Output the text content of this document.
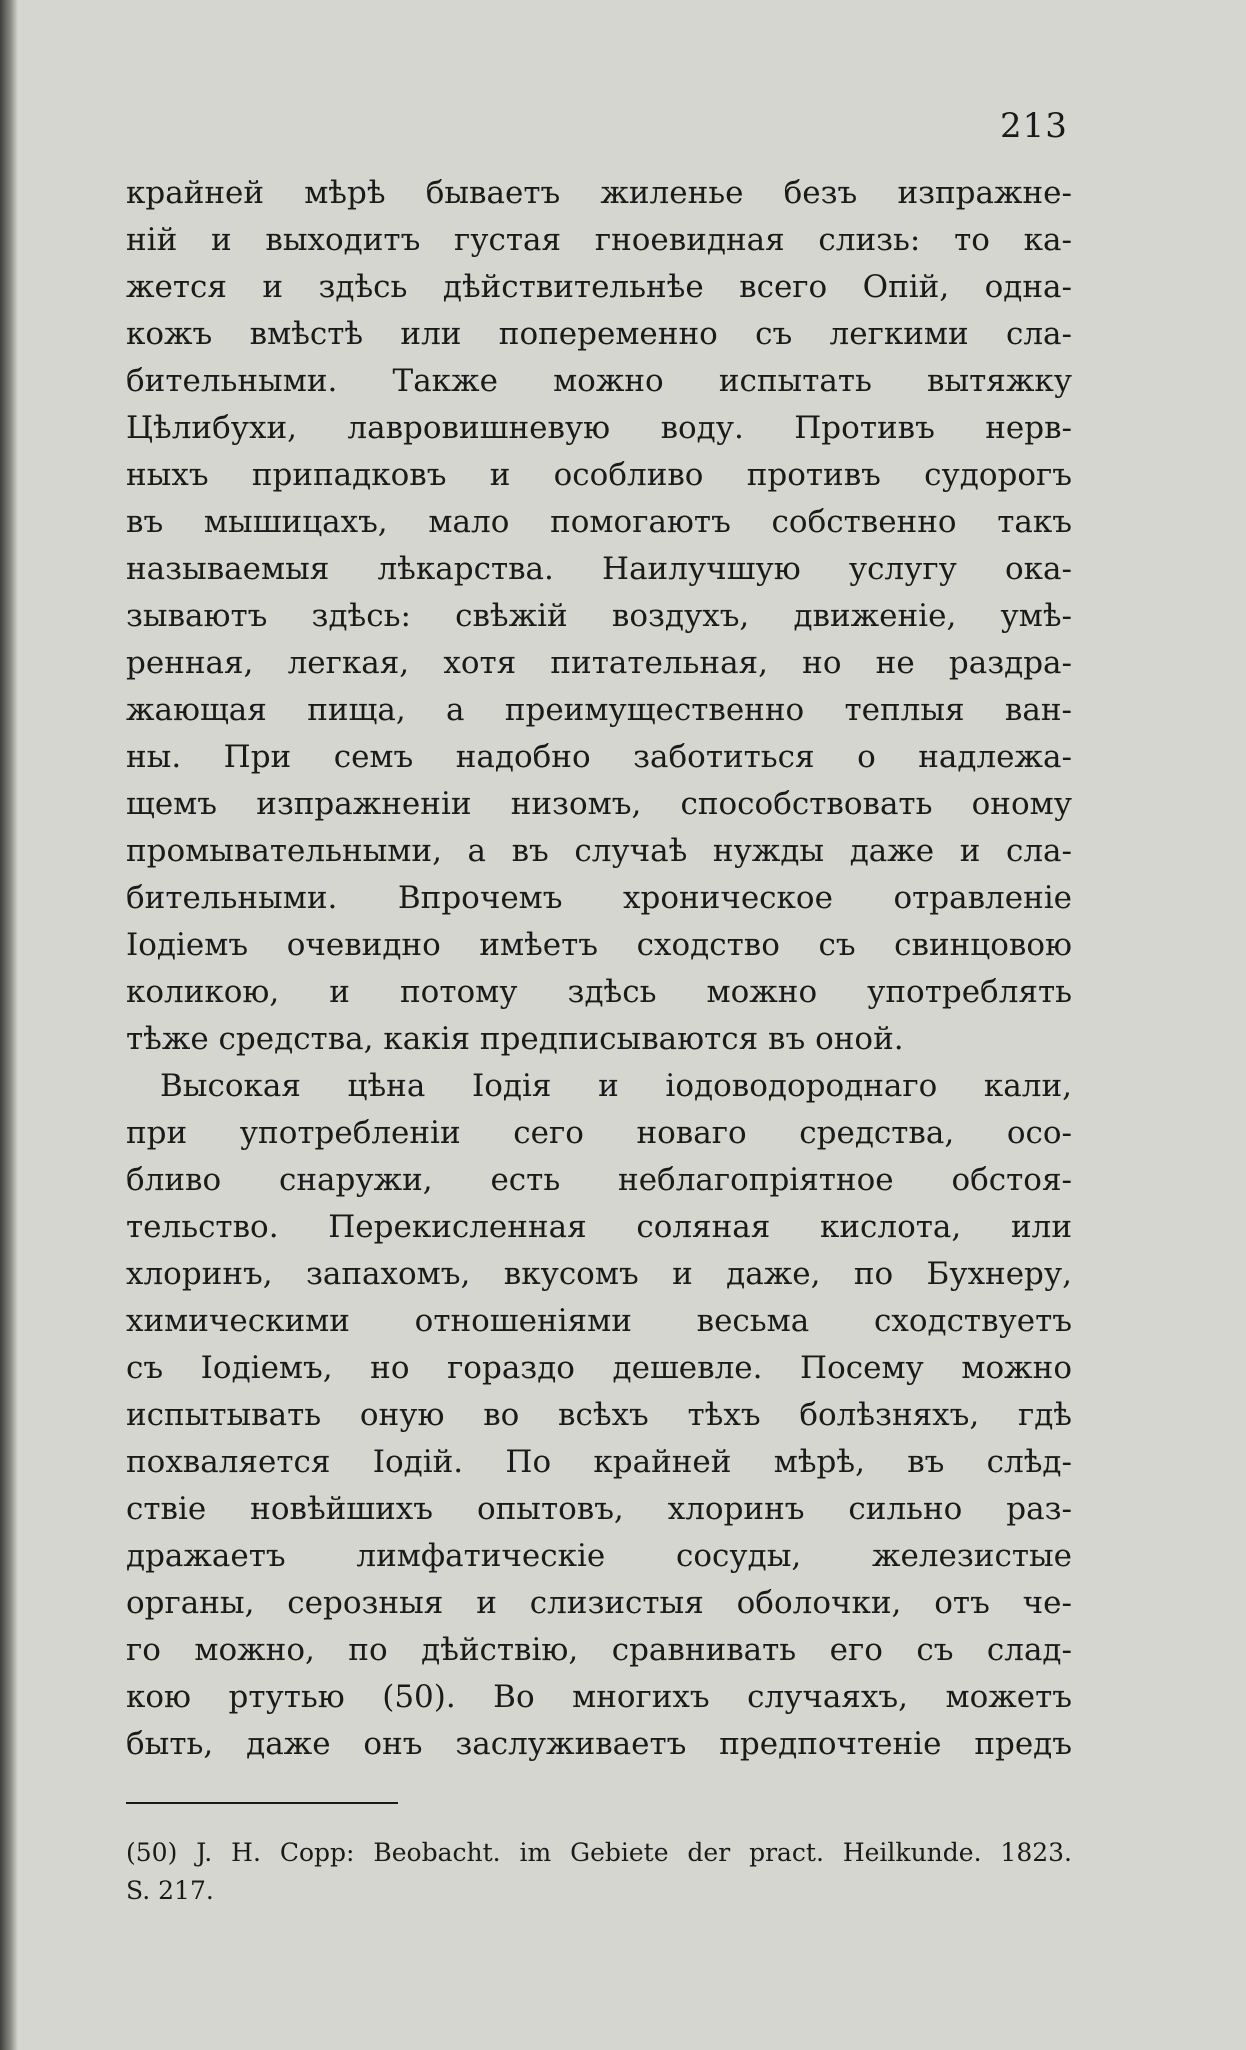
213
крайней мѣрѣ бываетъ жиленье безъ изпражне-
ній и выходитъ густая гноевидная слизь: то ка-
жется и здѣсь дѣйствительнѣе всего Опій, одна-
кожъ вмѣстѣ или попеременно съ легкими сла-
бительными. Также можно испытать вытяжку
Цѣлибухи, лавровишневую воду. Противъ нерв-
ныхъ припадковъ и особливо противъ судорогъ
въ мышицахъ, мало помогаютъ собственно такъ
называемыя лѣкарства. Наилучшую услугу ока-
зываютъ здѣсь: свѣжій воздухъ, движеніе, умѣ-
ренная, легкая, хотя питательная, но не раздра-
жающая пища, а преимущественно теплыя ван-
ны. При семъ надобно заботиться о надлежа-
щемъ изпражненіи низомъ, способствовать оному
промывательными, а въ случаѣ нужды даже и сла-
бительными. Впрочемъ хроническое отравленіе
Іодіемъ очевидно имѣетъ сходство съ свинцовою
коликою, и потому здѣсь можно употреблять
тѣже средства, какія предписываются въ оной.
Высокая цѣна Іодія и іодоводороднаго кали,
при употребленіи сего новаго средства, осо-
бливо снаружи, есть неблагопріятное обстоя-
тельство. Перекисленная соляная кислота, или
хлоринъ, запахомъ, вкусомъ и даже, по Бухнеру,
химическими отношеніями весьма сходствуетъ
съ Іодіемъ, но гораздо дешевле. Посему можно
испытывать оную во всѣхъ тѣхъ болѣзняхъ, гдѣ
похваляется Іодій. По крайней мѣрѣ, въ слѣд-
ствіе новѣйшихъ опытовъ, хлоринъ сильно раз-
дражаетъ лимфатическіе сосуды, железистые
органы, серозныя и слизистыя оболочки, отъ че-
го можно, по дѣйствію, сравнивать его съ слад-
кою ртутью (50). Во многихъ случаяхъ, можетъ
быть, даже онъ заслуживаетъ предпочтеніе предъ
(50) J. H. Copp: Beobacht. im Gebiete der pract. Heilkunde. 1823.
S. 217.
